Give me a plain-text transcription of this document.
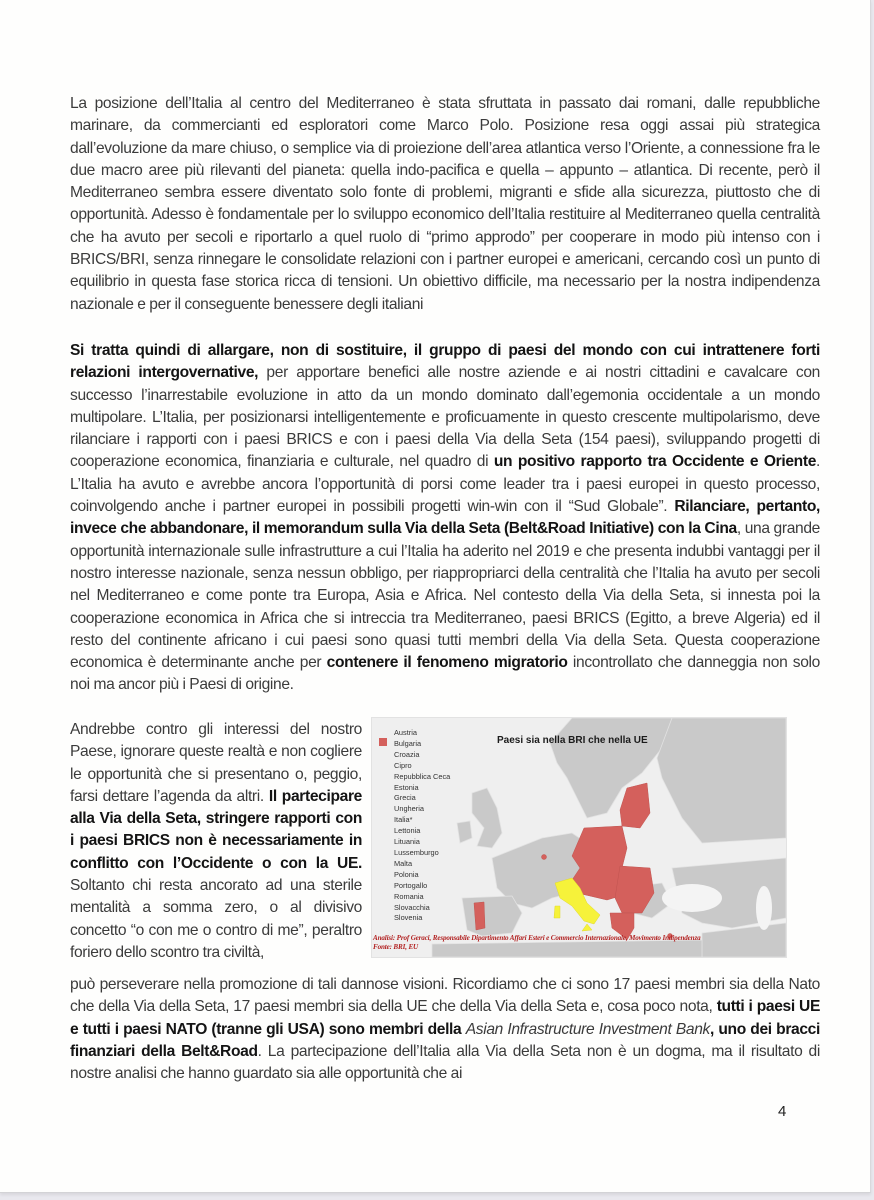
La posizione dell’Italia al centro del Mediterraneo è stata sfruttata in passato dai romani, dalle repubbliche marinare, da commercianti ed esploratori come Marco Polo. Posizione resa oggi assai più strategica dall’evoluzione da mare chiuso, o semplice via di proiezione dell’area atlantica verso l’Oriente, a connessione fra le due macro aree più rilevanti del pianeta: quella indo-pacifica e quella – appunto – atlantica. Di recente, però il Mediterraneo sembra essere diventato solo fonte di problemi, migranti e sfide alla sicurezza, piuttosto che di opportunità. Adesso è fondamentale per lo sviluppo economico dell’Italia restituire al Mediterraneo quella centralità che ha avuto per secoli e riportarlo a quel ruolo di “primo approdo” per cooperare in modo più intenso con i BRICS/BRI, senza rinnegare le consolidate relazioni con i partner europei e americani, cercando così un punto di equilibrio in questa fase storica ricca di tensioni. Un obiettivo difficile, ma necessario per la nostra indipendenza nazionale e per il conseguente benessere degli italiani

Si tratta quindi di allargare, non di sostituire, il gruppo di paesi del mondo con cui intrattenere forti relazioni intergovernative, per apportare benefici alle nostre aziende e ai nostri cittadini e cavalcare con successo l’inarrestabile evoluzione in atto da un mondo dominato dall’egemonia occidentale a un mondo multipolare. L’Italia, per posizionarsi intelligentemente e proficuamente in questo crescente multipolarismo, deve rilanciare i rapporti con i paesi BRICS e con i paesi della Via della Seta (154 paesi), sviluppando progetti di cooperazione economica, finanziaria e culturale, nel quadro di un positivo rapporto tra Occidente e Oriente. L’Italia ha avuto e avrebbe ancora l’opportunità di porsi come leader tra i paesi europei in questo processo, coinvolgendo anche i partner europei in possibili progetti win-win con il “Sud Globale”. Rilanciare, pertanto, invece che abbandonare, il memorandum sulla Via della Seta (Belt&Road Initiative) con la Cina, una grande opportunità internazionale sulle infrastrutture a cui l’Italia ha aderito nel 2019 e che presenta indubbi vantaggi per il nostro interesse nazionale, senza nessun obbligo, per riappropriarci della centralità che l’Italia ha avuto per secoli nel Mediterraneo e come ponte tra Europa, Asia e Africa. Nel contesto della Via della Seta, si innesta poi la cooperazione economica in Africa che si intreccia tra Mediterraneo, paesi BRICS (Egitto, a breve Algeria) ed il resto del continente africano i cui paesi sono quasi tutti membri della Via della Seta. Questa cooperazione economica è determinante anche per contenere il fenomeno migratorio incontrollato che danneggia non solo noi ma ancor più i Paesi di origine.

Andrebbe contro gli interessi del nostro Paese, ignorare queste realtà e non cogliere le opportunità che si presentano o, peggio, farsi dettare l’agenda da altri. Il partecipare alla Via della Seta, stringere rapporti con i paesi BRICS non è necessariamente in conflitto con l’Occidente o con la UE. Soltanto chi resta ancorato ad una sterile mentalità a somma zero, o al divisivo concetto “o con me o contro di me”, peraltro foriero dello scontro tra civiltà,

Austria
Bulgaria
Croazia
Cipro
Repubblica Ceca
Estonia
Grecia
Ungheria
Italia*
Lettonia
Lituania
Lussemburgo
Malta
Polonia
Portogallo
Romania
Slovacchia
Slovenia
Paesi sia nella BRI che nella UE
Analisi: Prof Geraci, Responsabile Dipartimento Affari Esteri e Commercio Internazionale, Movimento Indipendenza
Fonte: BRI, EU

può perseverare nella promozione di tali dannose visioni. Ricordiamo che ci sono 17 paesi membri sia della Nato che della Via della Seta, 17 paesi membri sia della UE che della Via della Seta e, cosa poco nota, tutti i paesi UE e tutti i paesi NATO (tranne gli USA) sono membri della Asian Infrastructure Investment Bank, uno dei bracci finanziari della Belt&Road. La partecipazione dell’Italia alla Via della Seta non è un dogma, ma il risultato di nostre analisi che hanno guardato sia alle opportunità che ai

4
